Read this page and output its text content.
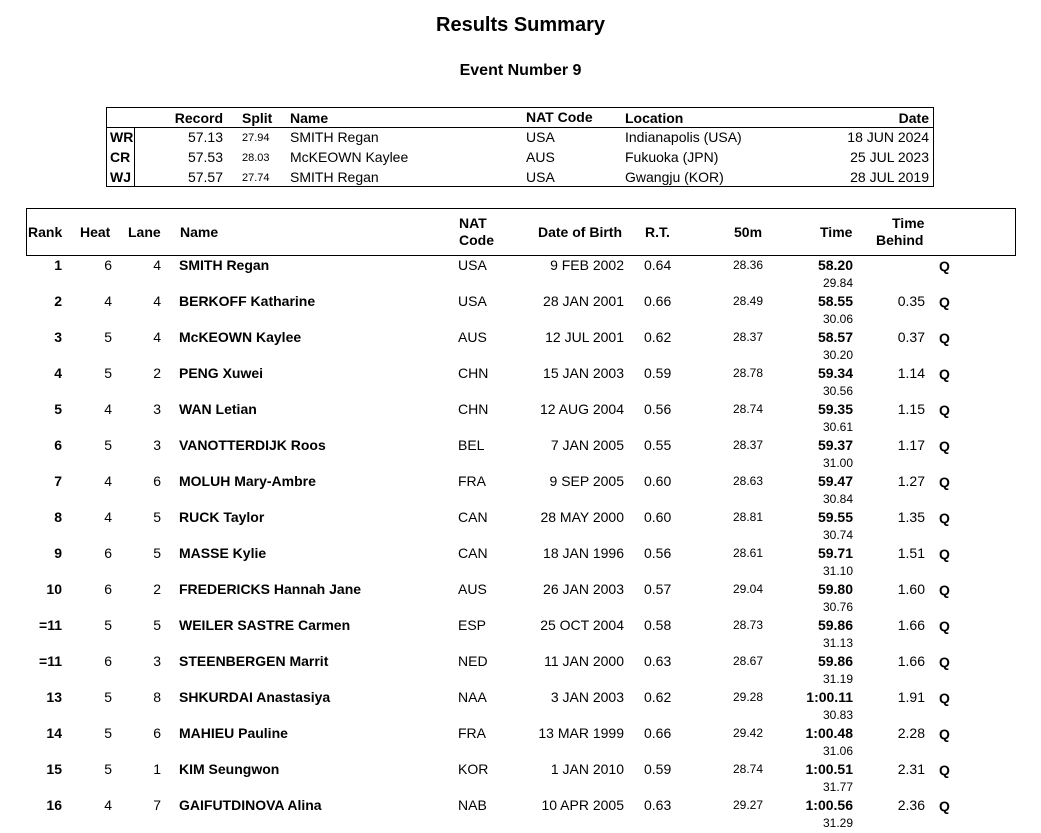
Results Summary
Event Number 9
Record Split Name	NAT Code Location	Date
WR	57.13 27.94 SMITH Regan	USA	Indianapolis (USA)	18 JUN 2024
CR	57.53 28.03 McKEOWN Kaylee	AUS	Fukuoka (JPN)	25 JUL 2023
WJ	57.57 27.74 SMITH Regan	USA	Gwangju (KOR)	28 JUL 2019
Rank Heat Lane Name
NAT
Code	Date of Birth R.T.	50m	Time
Time
Behind
1	6	4 SMITH Regan	USA	9 FEB 2002 0.64	28.36	58.20
29.84
Q
2	4	4 BERKOFF Katharine	USA	28 JAN 2001 0.66	28.49	58.55
30.06
0.35 Q
3	5	4 McKEOWN Kaylee	AUS	12 JUL 2001 0.62	28.37	58.57
30.20
0.37 Q
4	5	2 PENG Xuwei	CHN	15 JAN 2003 0.59	28.78	59.34
30.56
1.14 Q
5	4	3 WAN Letian	CHN	12 AUG 2004 0.56	28.74	59.35
30.61
1.15 Q
6	5	3 VANOTTERDIJK Roos	BEL	7 JAN 2005 0.55	28.37	59.37
31.00
1.17 Q
7	4	6 MOLUH Mary-Ambre	FRA	9 SEP 2005 0.60	28.63	59.47
30.84
1.27 Q
8	4	5 RUCK Taylor	CAN	28 MAY 2000 0.60	28.81	59.55
30.74
1.35 Q
9	6	5 MASSE Kylie	CAN	18 JAN 1996 0.56	28.61	59.71
31.10
1.51 Q
10	6	2 FREDERICKS Hannah Jane	AUS	26 JAN 2003 0.57	29.04	59.80
30.76
1.60 Q
=11	5	5 WEILER SASTRE Carmen	ESP	25 OCT 2004 0.58	28.73	59.86
31.13
1.66 Q
=11	6	3 STEENBERGEN Marrit	NED	11 JAN 2000 0.63	28.67	59.86
31.19
1.66 Q
13	5	8 SHKURDAI Anastasiya	NAA	3 JAN 2003 0.62	29.28	1:00.11
30.83
1.91 Q
14	5	6 MAHIEU Pauline	FRA	13 MAR 1999 0.66	29.42	1:00.48
31.06
2.28 Q
15	5	1 KIM Seungwon	KOR	1 JAN 2010 0.59	28.74	1:00.51
31.77
2.31 Q
16	4	7 GAIFUTDINOVA Alina	NAB	10 APR 2005 0.63	29.27	1:00.56
31.29
2.36 Q
